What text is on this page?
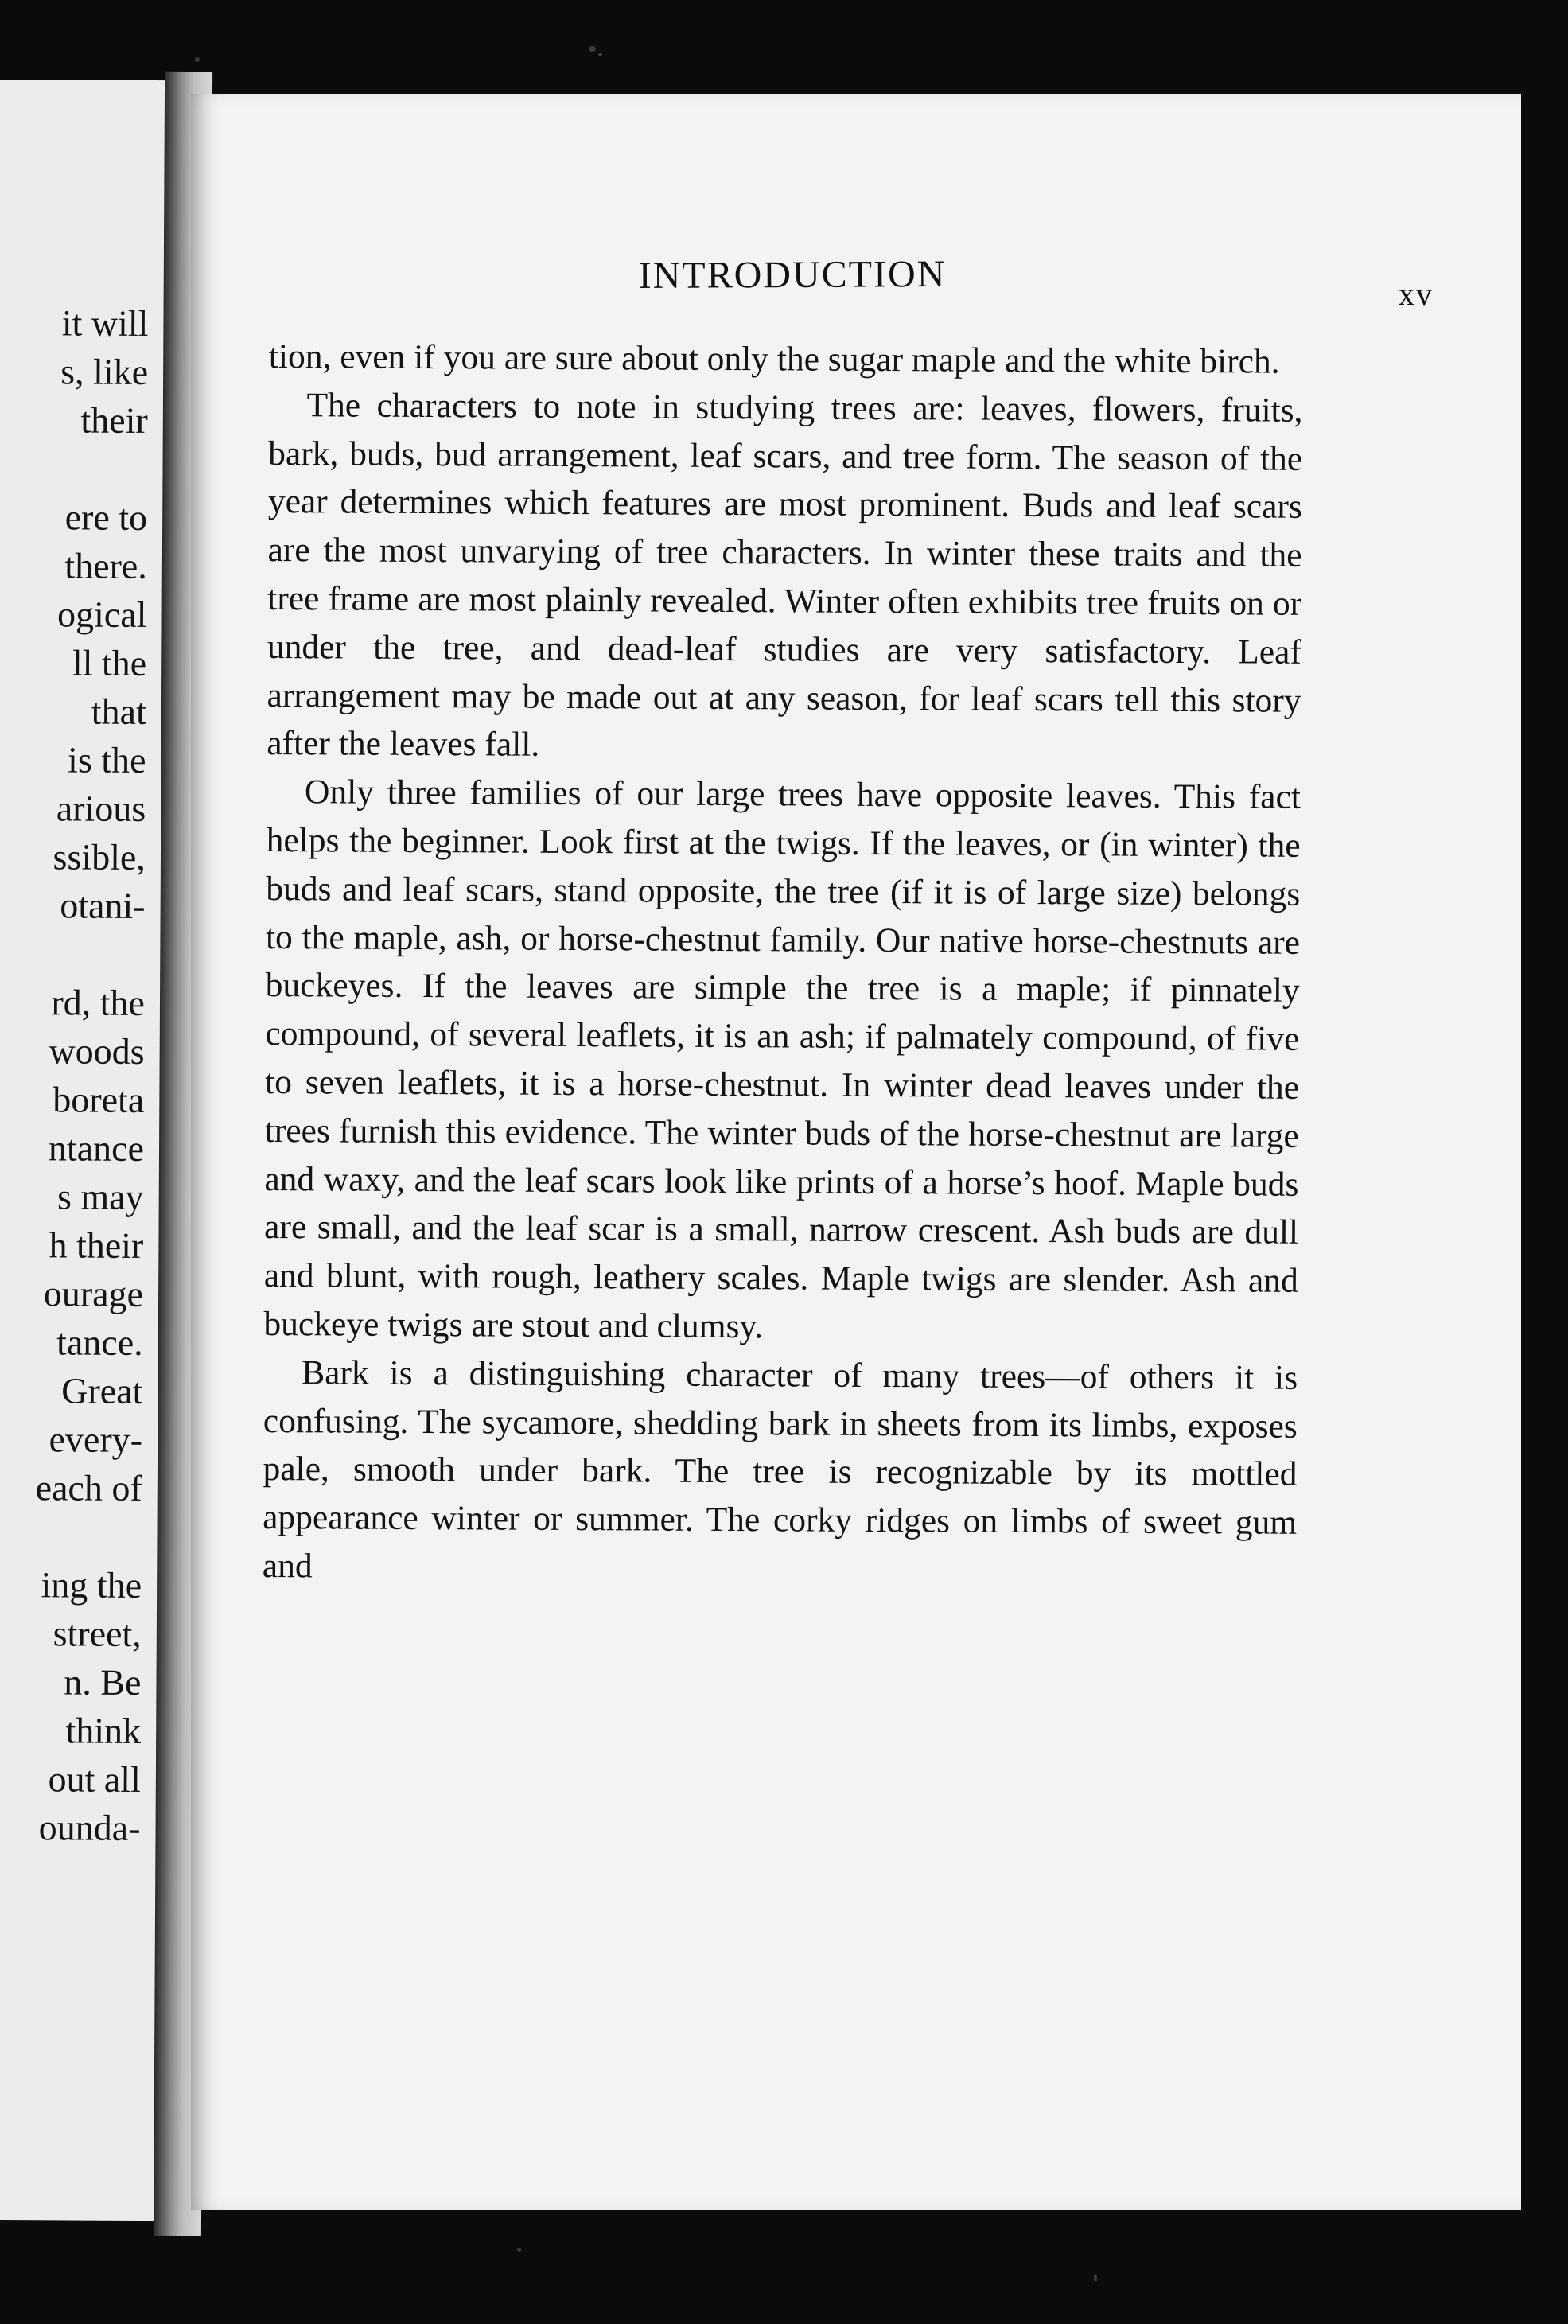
it will
s, like
their

ere to
there.
ogical
ll the
that
is the
arious
ssible,
otani-

rd, the
woods
boreta
ntance
s may
h their
ourage
tance.
Great
every-
each of

ing the
street,
n. Be
think
out all
ounda-
INTRODUCTION	xv

tion, even if you are sure about only the sugar maple and the white birch.

The characters to note in studying trees are: leaves, flowers, fruits, bark, buds, bud arrangement, leaf scars, and tree form. The season of the year determines which features are most prominent. Buds and leaf scars are the most unvarying of tree characters. In winter these traits and the tree frame are most plainly revealed. Winter often exhibits tree fruits on or under the tree, and dead-leaf studies are very satisfactory. Leaf arrangement may be made out at any season, for leaf scars tell this story after the leaves fall.

Only three families of our large trees have opposite leaves. This fact helps the beginner. Look first at the twigs. If the leaves, or (in winter) the buds and leaf scars, stand opposite, the tree (if it is of large size) belongs to the maple, ash, or horse-chestnut family. Our native horse-chestnuts are buckeyes. If the leaves are simple the tree is a maple; if pinnately compound, of several leaflets, it is an ash; if palmately compound, of five to seven leaflets, it is a horse-chestnut. In winter dead leaves under the trees furnish this evidence. The winter buds of the horse-chestnut are large and waxy, and the leaf scars look like prints of a horse’s hoof. Maple buds are small, and the leaf scar is a small, narrow crescent. Ash buds are dull and blunt, with rough, leathery scales. Maple twigs are slender. Ash and buckeye twigs are stout and clumsy.

Bark is a distinguishing character of many trees—of others it is confusing. The sycamore, shedding bark in sheets from its limbs, exposes pale, smooth under bark. The tree is recognizable by its mottled appearance winter or summer. The corky ridges on limbs of sweet gum and
